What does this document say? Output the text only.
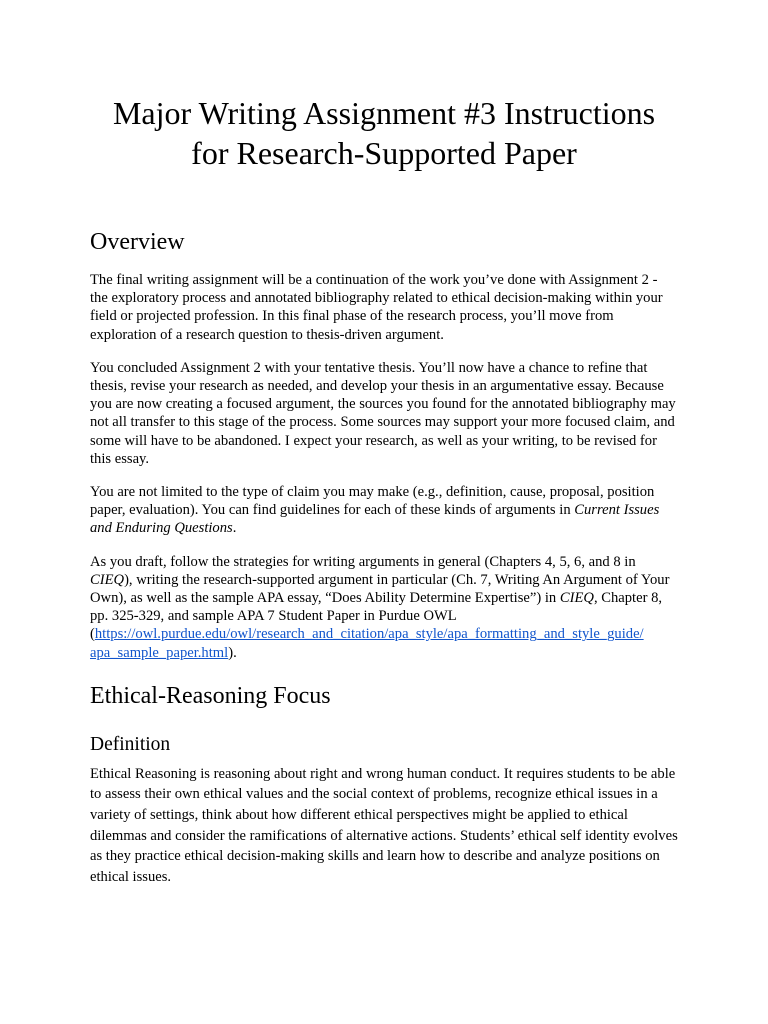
Major Writing Assignment #3 Instructions
for Research-Supported Paper
Overview

The final writing assignment will be a continuation of the work you’ve done with Assignment 2 - the exploratory process and annotated bibliography related to ethical decision-making within your field or projected profession. In this final phase of the research process, you’ll move from exploration of a research question to thesis-driven argument.

You concluded Assignment 2 with your tentative thesis. You’ll now have a chance to refine that thesis, revise your research as needed, and develop your thesis in an argumentative essay. Because you are now creating a focused argument, the sources you found for the annotated bibliography may not all transfer to this stage of the process. Some sources may support your more focused claim, and some will have to be abandoned. I expect your research, as well as your writing, to be revised for this essay.

You are not limited to the type of claim you may make (e.g., definition, cause, proposal, position paper, evaluation). You can find guidelines for each of these kinds of arguments in Current Issues and Enduring Questions.

As you draft, follow the strategies for writing arguments in general (Chapters 4, 5, 6, and 8 in CIEQ), writing the research-supported argument in particular (Ch. 7, Writing An Argument of Your Own), as well as the sample APA essay, “Does Ability Determine Expertise”) in CIEQ, Chapter 8, pp. 325-329, and sample APA 7 Student Paper in Purdue OWL (https://owl.purdue.edu/owl/research_and_citation/apa_style/apa_formatting_and_style_guide/
apa_sample_paper.html).

Ethical-Reasoning Focus
Definition

Ethical Reasoning is reasoning about right and wrong human conduct. It requires students to be able to assess their own ethical values and the social context of problems, recognize ethical issues in a variety of settings, think about how different ethical perspectives might be applied to ethical dilemmas and consider the ramifications of alternative actions. Students’ ethical self identity evolves as they practice ethical decision-making skills and learn how to describe and analyze positions on ethical issues.
